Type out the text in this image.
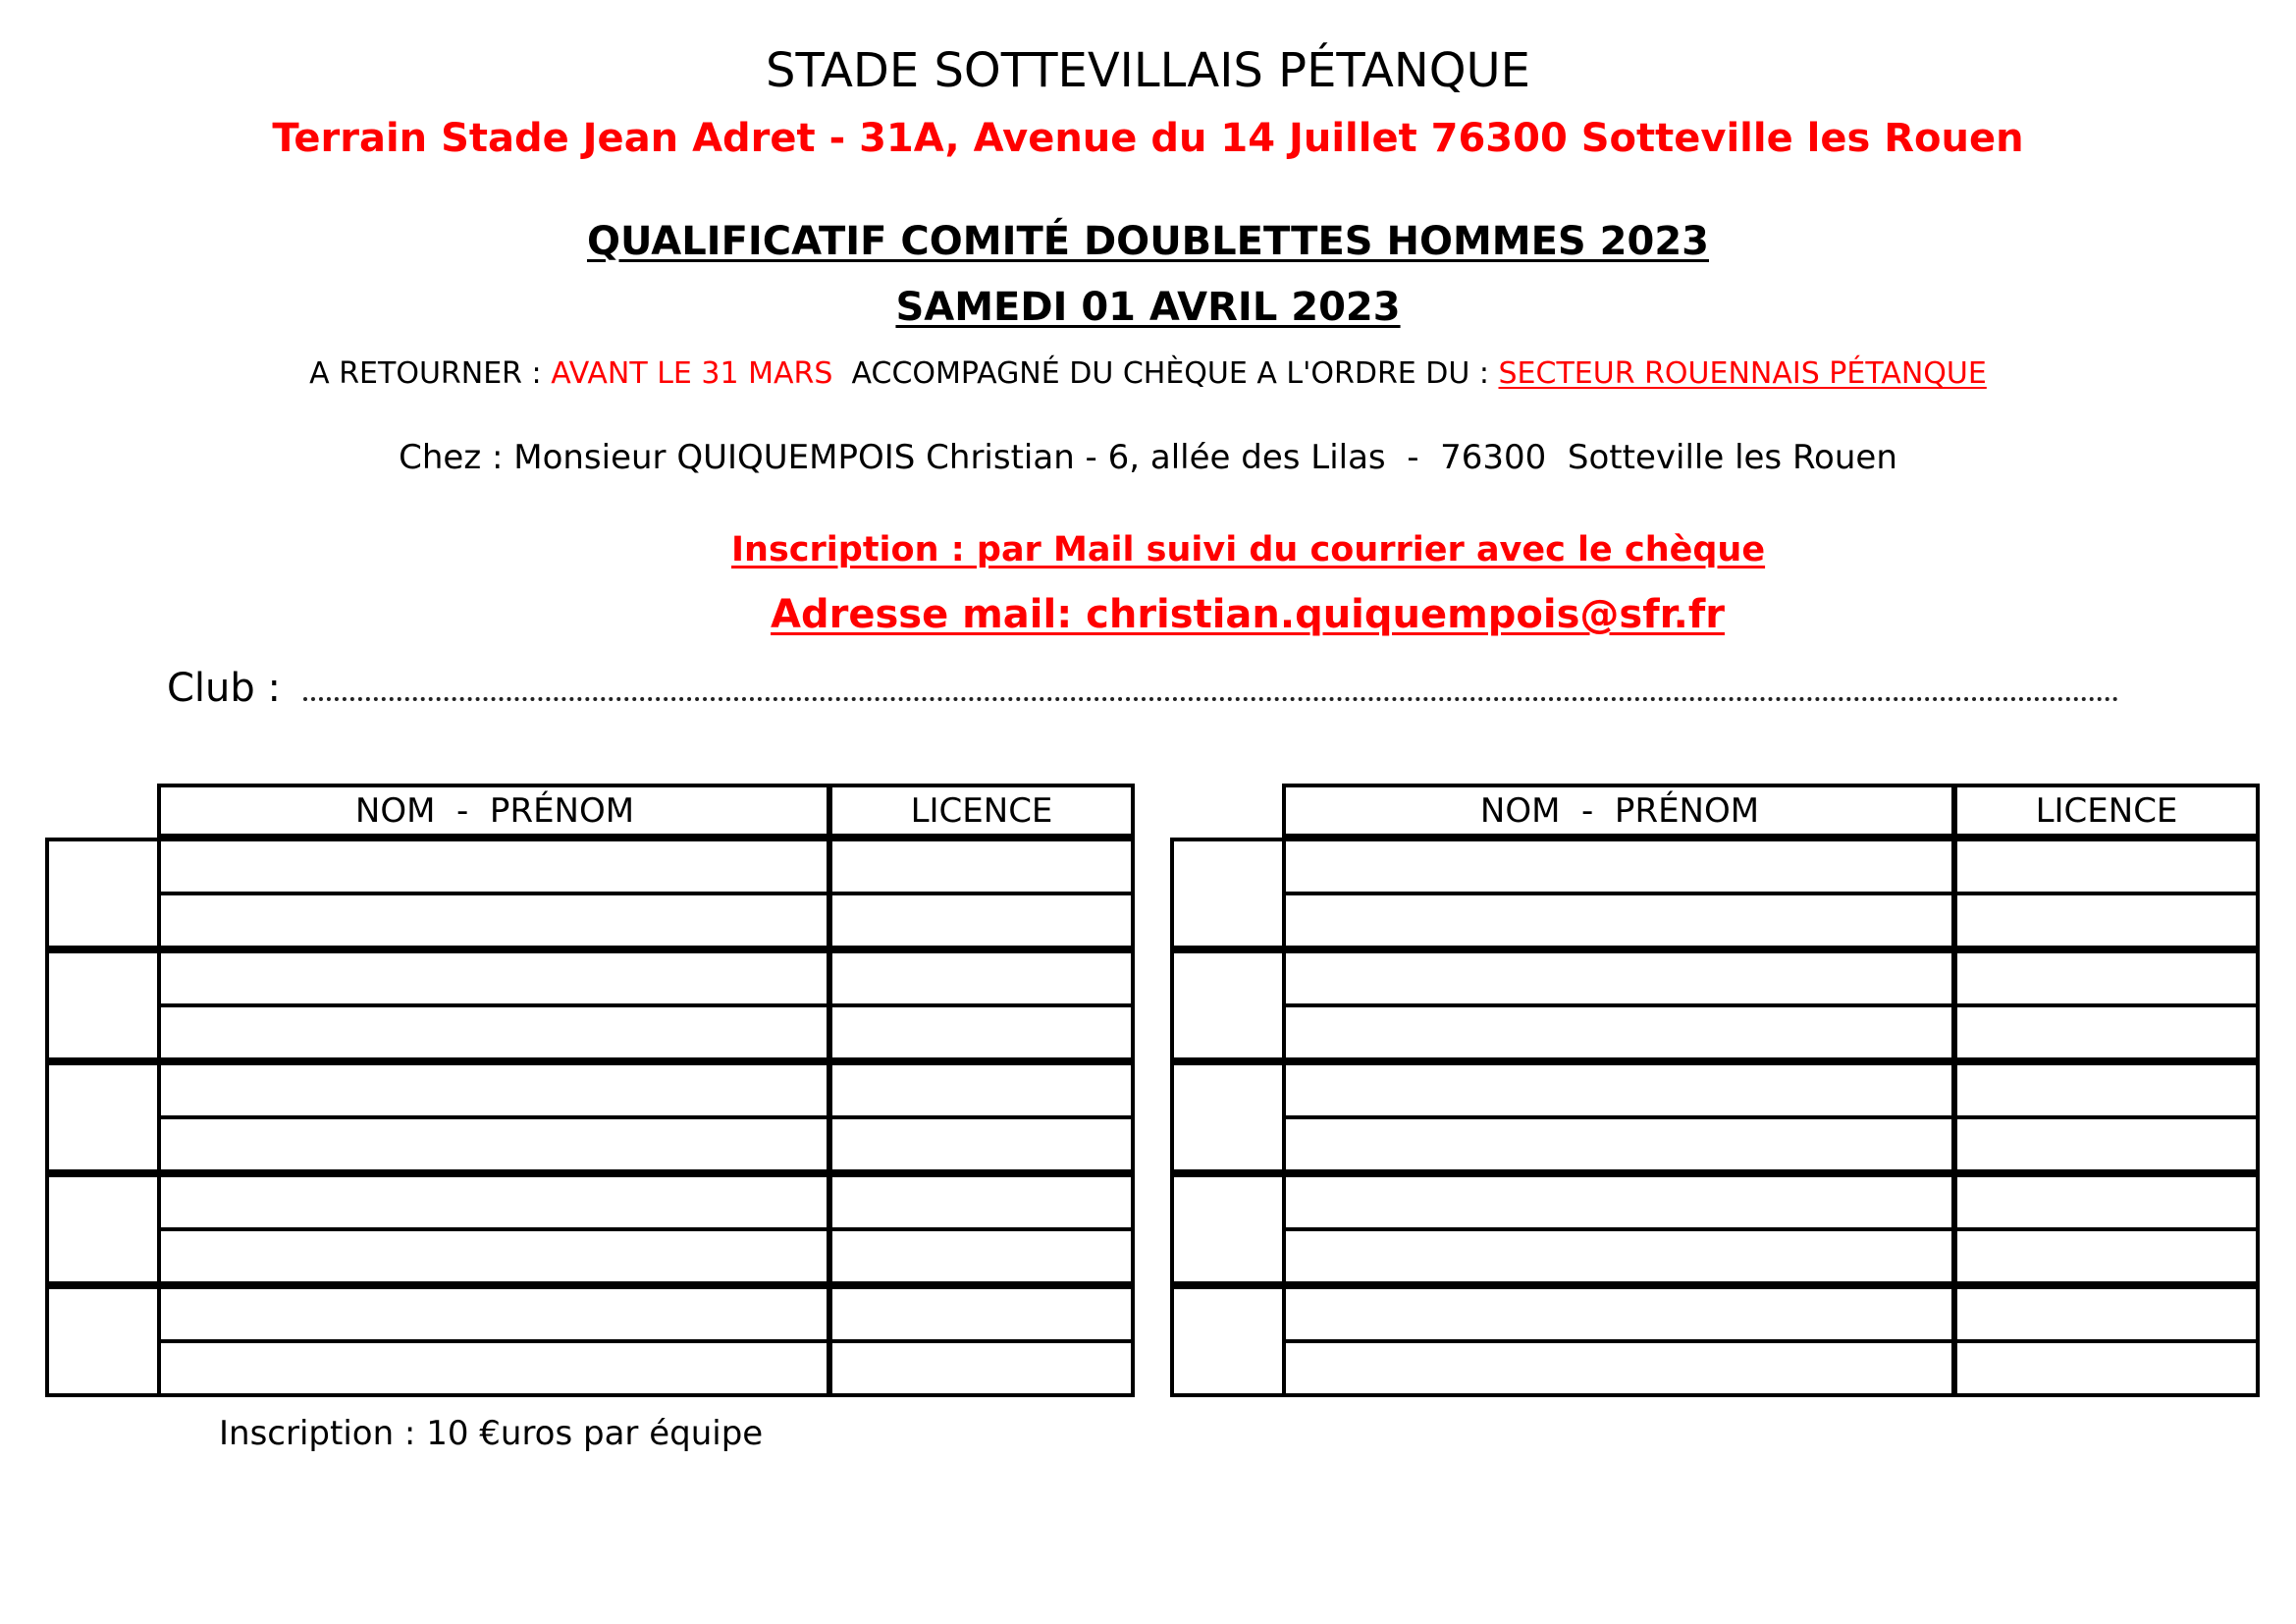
STADE SOTTEVILLAIS PÉTANQUE
Terrain Stade Jean Adret - 31A, Avenue du 14 Juillet 76300 Sotteville les Rouen
QUALIFICATIF COMITÉ DOUBLETTES HOMMES 2023
SAMEDI 01 AVRIL 2023
A RETOURNER : AVANT LE 31 MARS  ACCOMPAGNÉ DU CHÈQUE A L'ORDRE DU : SECTEUR ROUENNAIS PÉTANQUE
Chez : Monsieur QUIQUEMPOIS Christian - 6, allée des Lilas  -  76300  Sotteville les Rouen
Inscription : par Mail suivi du courrier avec le chèque
Adresse mail: christian.quiquempois@sfr.fr
Club :
NOM  -  PRÉNOM	LICENCE	NOM  -  PRÉNOM	LICENCE
Inscription : 10 €uros par équipe
